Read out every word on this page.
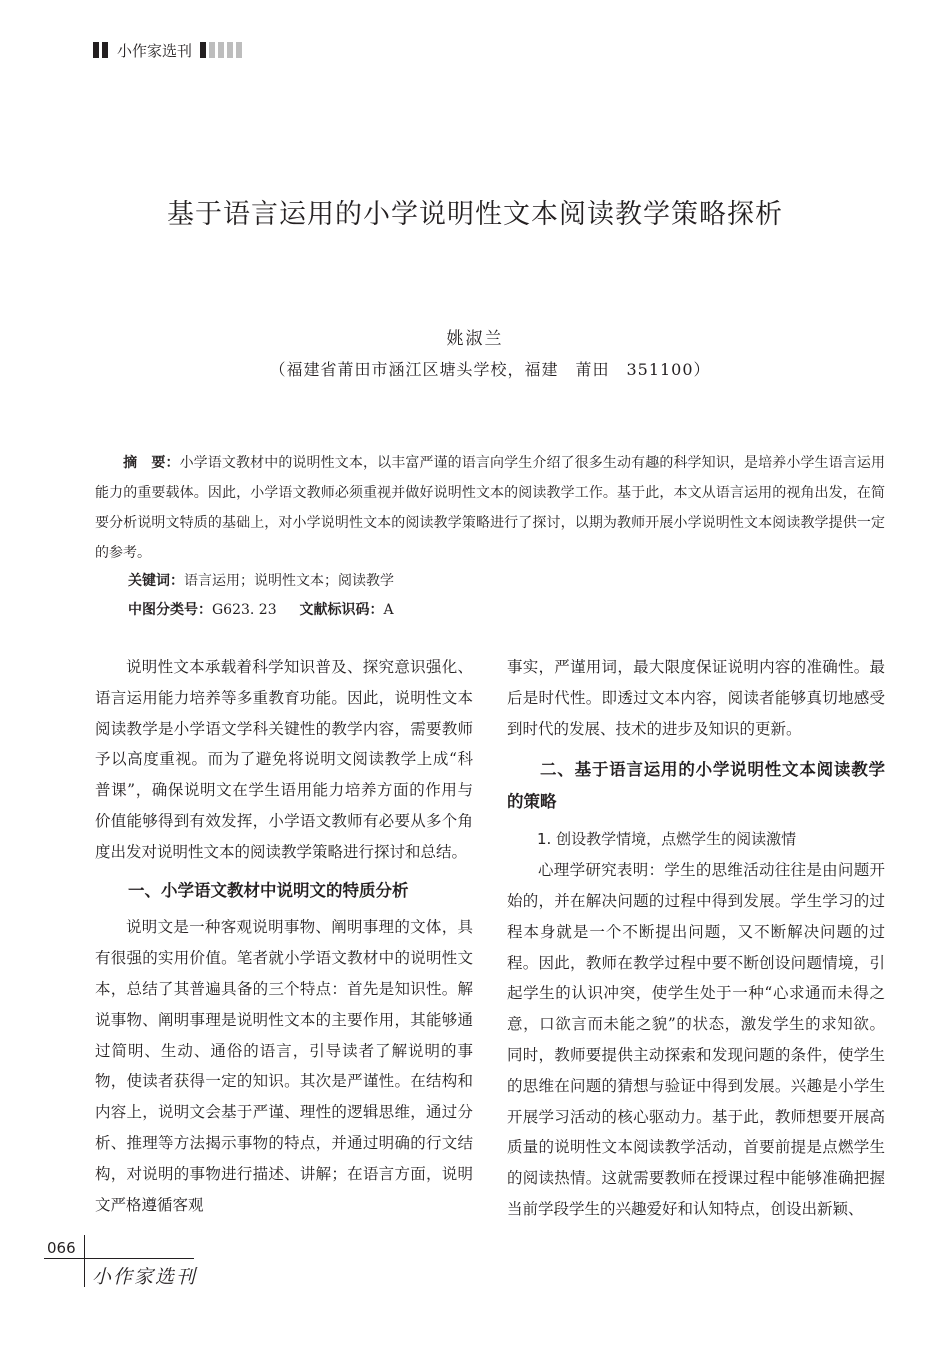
小作家选刊
基于语言运用的小学说明性文本阅读教学策略探析
姚淑兰
（福建省莆田市涵江区塘头学校，福建　莆田　351100）
摘　要：小学语文教材中的说明性文本，以丰富严谨的语言向学生介绍了很多生动有趣的科学知识，是培养小学生语言运用能力的重要载体。因此，小学语文教师必须重视并做好说明性文本的阅读教学工作。基于此，本文从语言运用的视角出发，在简要分析说明文特质的基础上，对小学说明性文本的阅读教学策略进行了探讨，以期为教师开展小学说明性文本阅读教学提供一定的参考。
关键词：语言运用；说明性文本；阅读教学
中图分类号：G623. 23 文献标识码：A

说明性文本承载着科学知识普及、探究意识强化、语言运用能力培养等多重教育功能。因此，说明性文本阅读教学是小学语文学科关键性的教学内容，需要教师予以高度重视。而为了避免将说明文阅读教学上成“科普课”，确保说明文在学生语用能力培养方面的作用与价值能够得到有效发挥，小学语文教师有必要从多个角度出发对说明性文本的阅读教学策略进行探讨和总结。

一、小学语文教材中说明文的特质分析

说明文是一种客观说明事物、阐明事理的文体，具有很强的实用价值。笔者就小学语文教材中的说明性文本，总结了其普遍具备的三个特点：首先是知识性。解说事物、阐明事理是说明性文本的主要作用，其能够通过简明、生动、通俗的语言，引导读者了解说明的事物，使读者获得一定的知识。其次是严谨性。在结构和内容上，说明文会基于严谨、理性的逻辑思维，通过分析、推理等方法揭示事物的特点，并通过明确的行文结构，对说明的事物进行描述、讲解；在语言方面，说明文严格遵循客观

事实，严谨用词，最大限度保证说明内容的准确性。最后是时代性。即透过文本内容，阅读者能够真切地感受到时代的发展、技术的进步及知识的更新。

二、基于语言运用的小学说明性文本阅读教学的策略

1. 创设教学情境，点燃学生的阅读激情

心理学研究表明：学生的思维活动往往是由问题开始的，并在解决问题的过程中得到发展。学生学习的过程本身就是一个不断提出问题，又不断解决问题的过程。因此，教师在教学过程中要不断创设问题情境，引起学生的认识冲突，使学生处于一种“心求通而未得之意，口欲言而未能之貌”的状态，激发学生的求知欲。同时，教师要提供主动探索和发现问题的条件，使学生的思维在问题的猜想与验证中得到发展。兴趣是小学生开展学习活动的核心驱动力。基于此，教师想要开展高质量的说明性文本阅读教学活动，首要前提是点燃学生的阅读热情。这就需要教师在授课过程中能够准确把握当前学段学生的兴趣爱好和认知特点，创设出新颖、

066
小作家选刊
